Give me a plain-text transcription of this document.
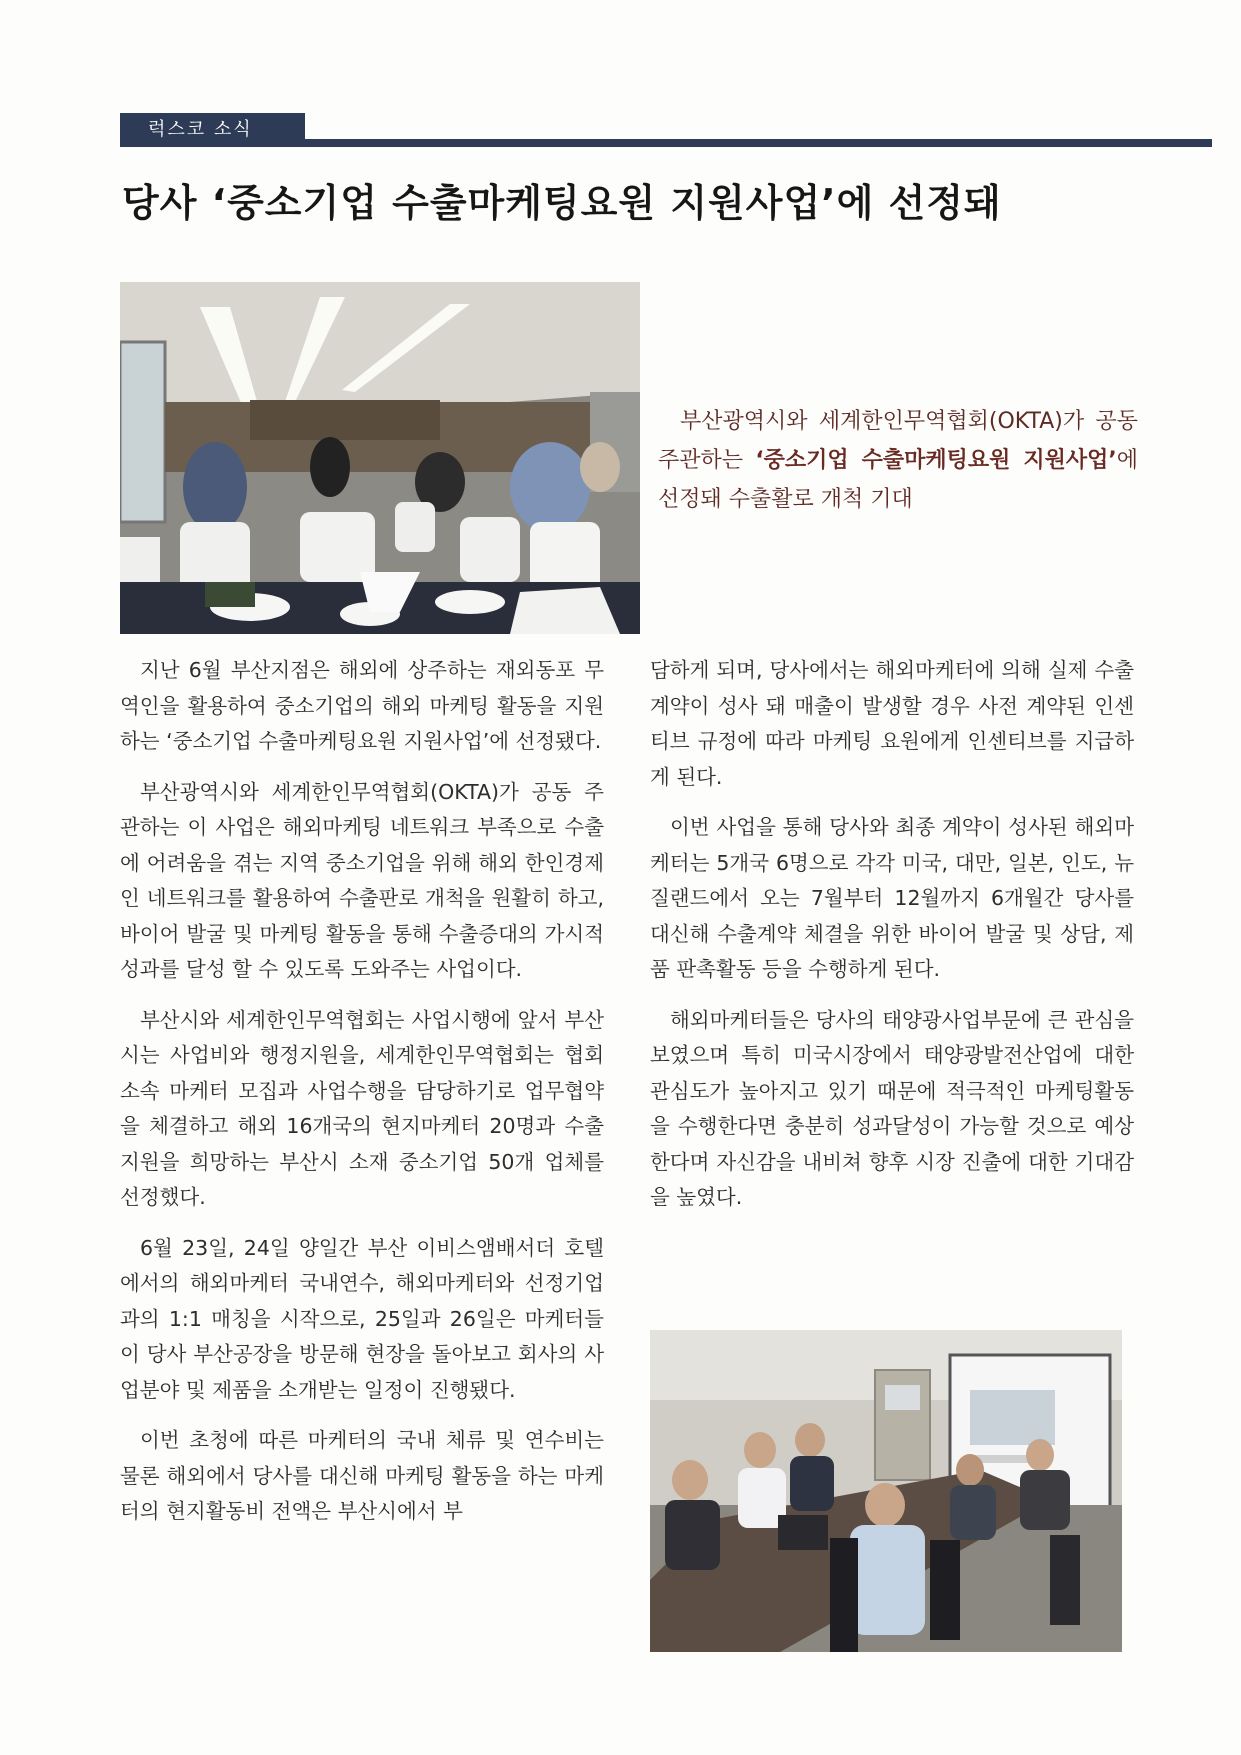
럭스코 소식
당사 ‘중소기업 수출마케팅요원 지원사업’에 선정돼

 부산광역시와 세계한인무역협회(OKTA)가 공동주관하는 ‘중소기업 수출마케팅요원 지원사업’에 선정돼 수출활로 개척 기대

지난 6월 부산지점은 해외에 상주하는 재외동포 무역인을 활용하여 중소기업의 해외 마케팅 활동을 지원하는 ‘중소기업 수출마케팅요원 지원사업’에 선정됐다.

부산광역시와 세계한인무역협회(OKTA)가 공동 주관하는 이 사업은 해외마케팅 네트워크 부족으로 수출에 어려움을 겪는 지역 중소기업을 위해 해외 한인경제인 네트워크를 활용하여 수출판로 개척을 원활히 하고, 바이어 발굴 및 마케팅 활동을 통해 수출증대의 가시적 성과를 달성 할 수 있도록 도와주는 사업이다.

부산시와 세계한인무역협회는 사업시행에 앞서 부산시는 사업비와 행정지원을, 세계한인무역협회는 협회 소속 마케터 모집과 사업수행을 담당하기로 업무협약을 체결하고 해외 16개국의 현지마케터 20명과 수출 지원을 희망하는 부산시 소재 중소기업 50개 업체를 선정했다.

6월 23일, 24일 양일간 부산 이비스앰배서더 호텔에서의 해외마케터 국내연수, 해외마케터와 선정기업과의 1:1 매칭을 시작으로, 25일과 26일은 마케터들이 당사 부산공장을 방문해 현장을 돌아보고 회사의 사업분야 및 제품을 소개받는 일정이 진행됐다.

이번 초청에 따른 마케터의 국내 체류 및 연수비는 물론 해외에서 당사를 대신해 마케팅 활동을 하는 마케터의 현지활동비 전액은 부산시에서 부

담하게 되며, 당사에서는 해외마케터에 의해 실제 수출 계약이 성사 돼 매출이 발생할 경우 사전 계약된 인센티브 규정에 따라 마케팅 요원에게 인센티브를 지급하게 된다.

이번 사업을 통해 당사와 최종 계약이 성사된 해외마케터는 5개국 6명으로 각각 미국, 대만, 일본, 인도, 뉴질랜드에서 오는 7월부터 12월까지 6개월간 당사를 대신해 수출계약 체결을 위한 바이어 발굴 및 상담, 제품 판촉활동 등을 수행하게 된다.

해외마케터들은 당사의 태양광사업부문에 큰 관심을 보였으며 특히 미국시장에서 태양광발전산업에 대한 관심도가 높아지고 있기 때문에 적극적인 마케팅활동을 수행한다면 충분히 성과달성이 가능할 것으로 예상한다며 자신감을 내비쳐 향후 시장 진출에 대한 기대감을 높였다.
